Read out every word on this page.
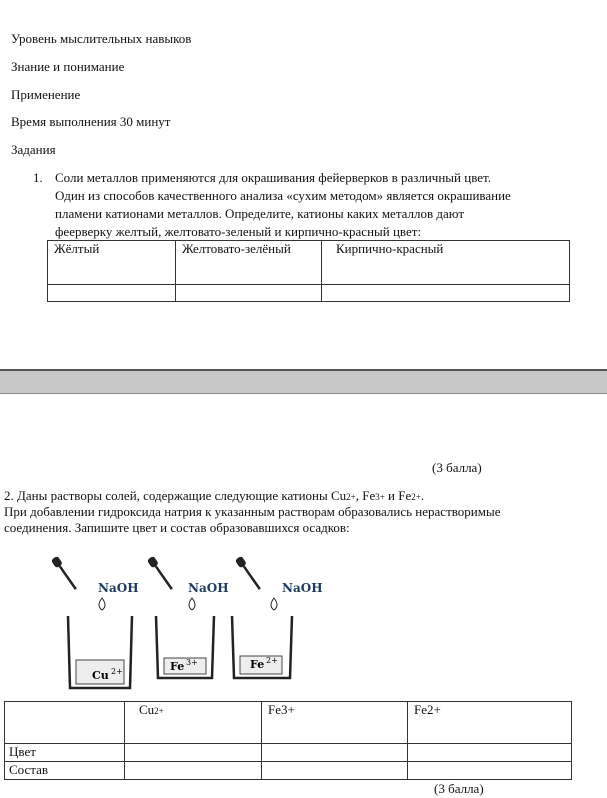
Уровень мыслительных навыков
Знание и понимание
Применение
Время выполнения 30 минут
Задания
1. Соли металлов применяются для окрашивания фейерверков в различный цвет.
Один из способов качественного анализа «сухим методом» является окрашивание
пламени катионами металлов. Определите, катионы каких металлов дают
феерверку желтый, желтовато-зеленый и кирпично-красный цвет:
Жёлтый	Желтовато-зелёный	Кирпично-красный

(3 балла)
2. Даны растворы солей, содержащие следующие катионы Cu2+, Fe3+ и Fe2+.
При добавлении гидроксида натрия к указанным растворам образовались нерастворимые
соединения. Запишите цвет и состав образовавшихся осадков:
NaOH	NaOH	NaOH
Cu 2+	Fe 3+	Fe 2+
	Cu2+	Fe3+	Fe2+
Цвет			
Состав			
(3 балла)
